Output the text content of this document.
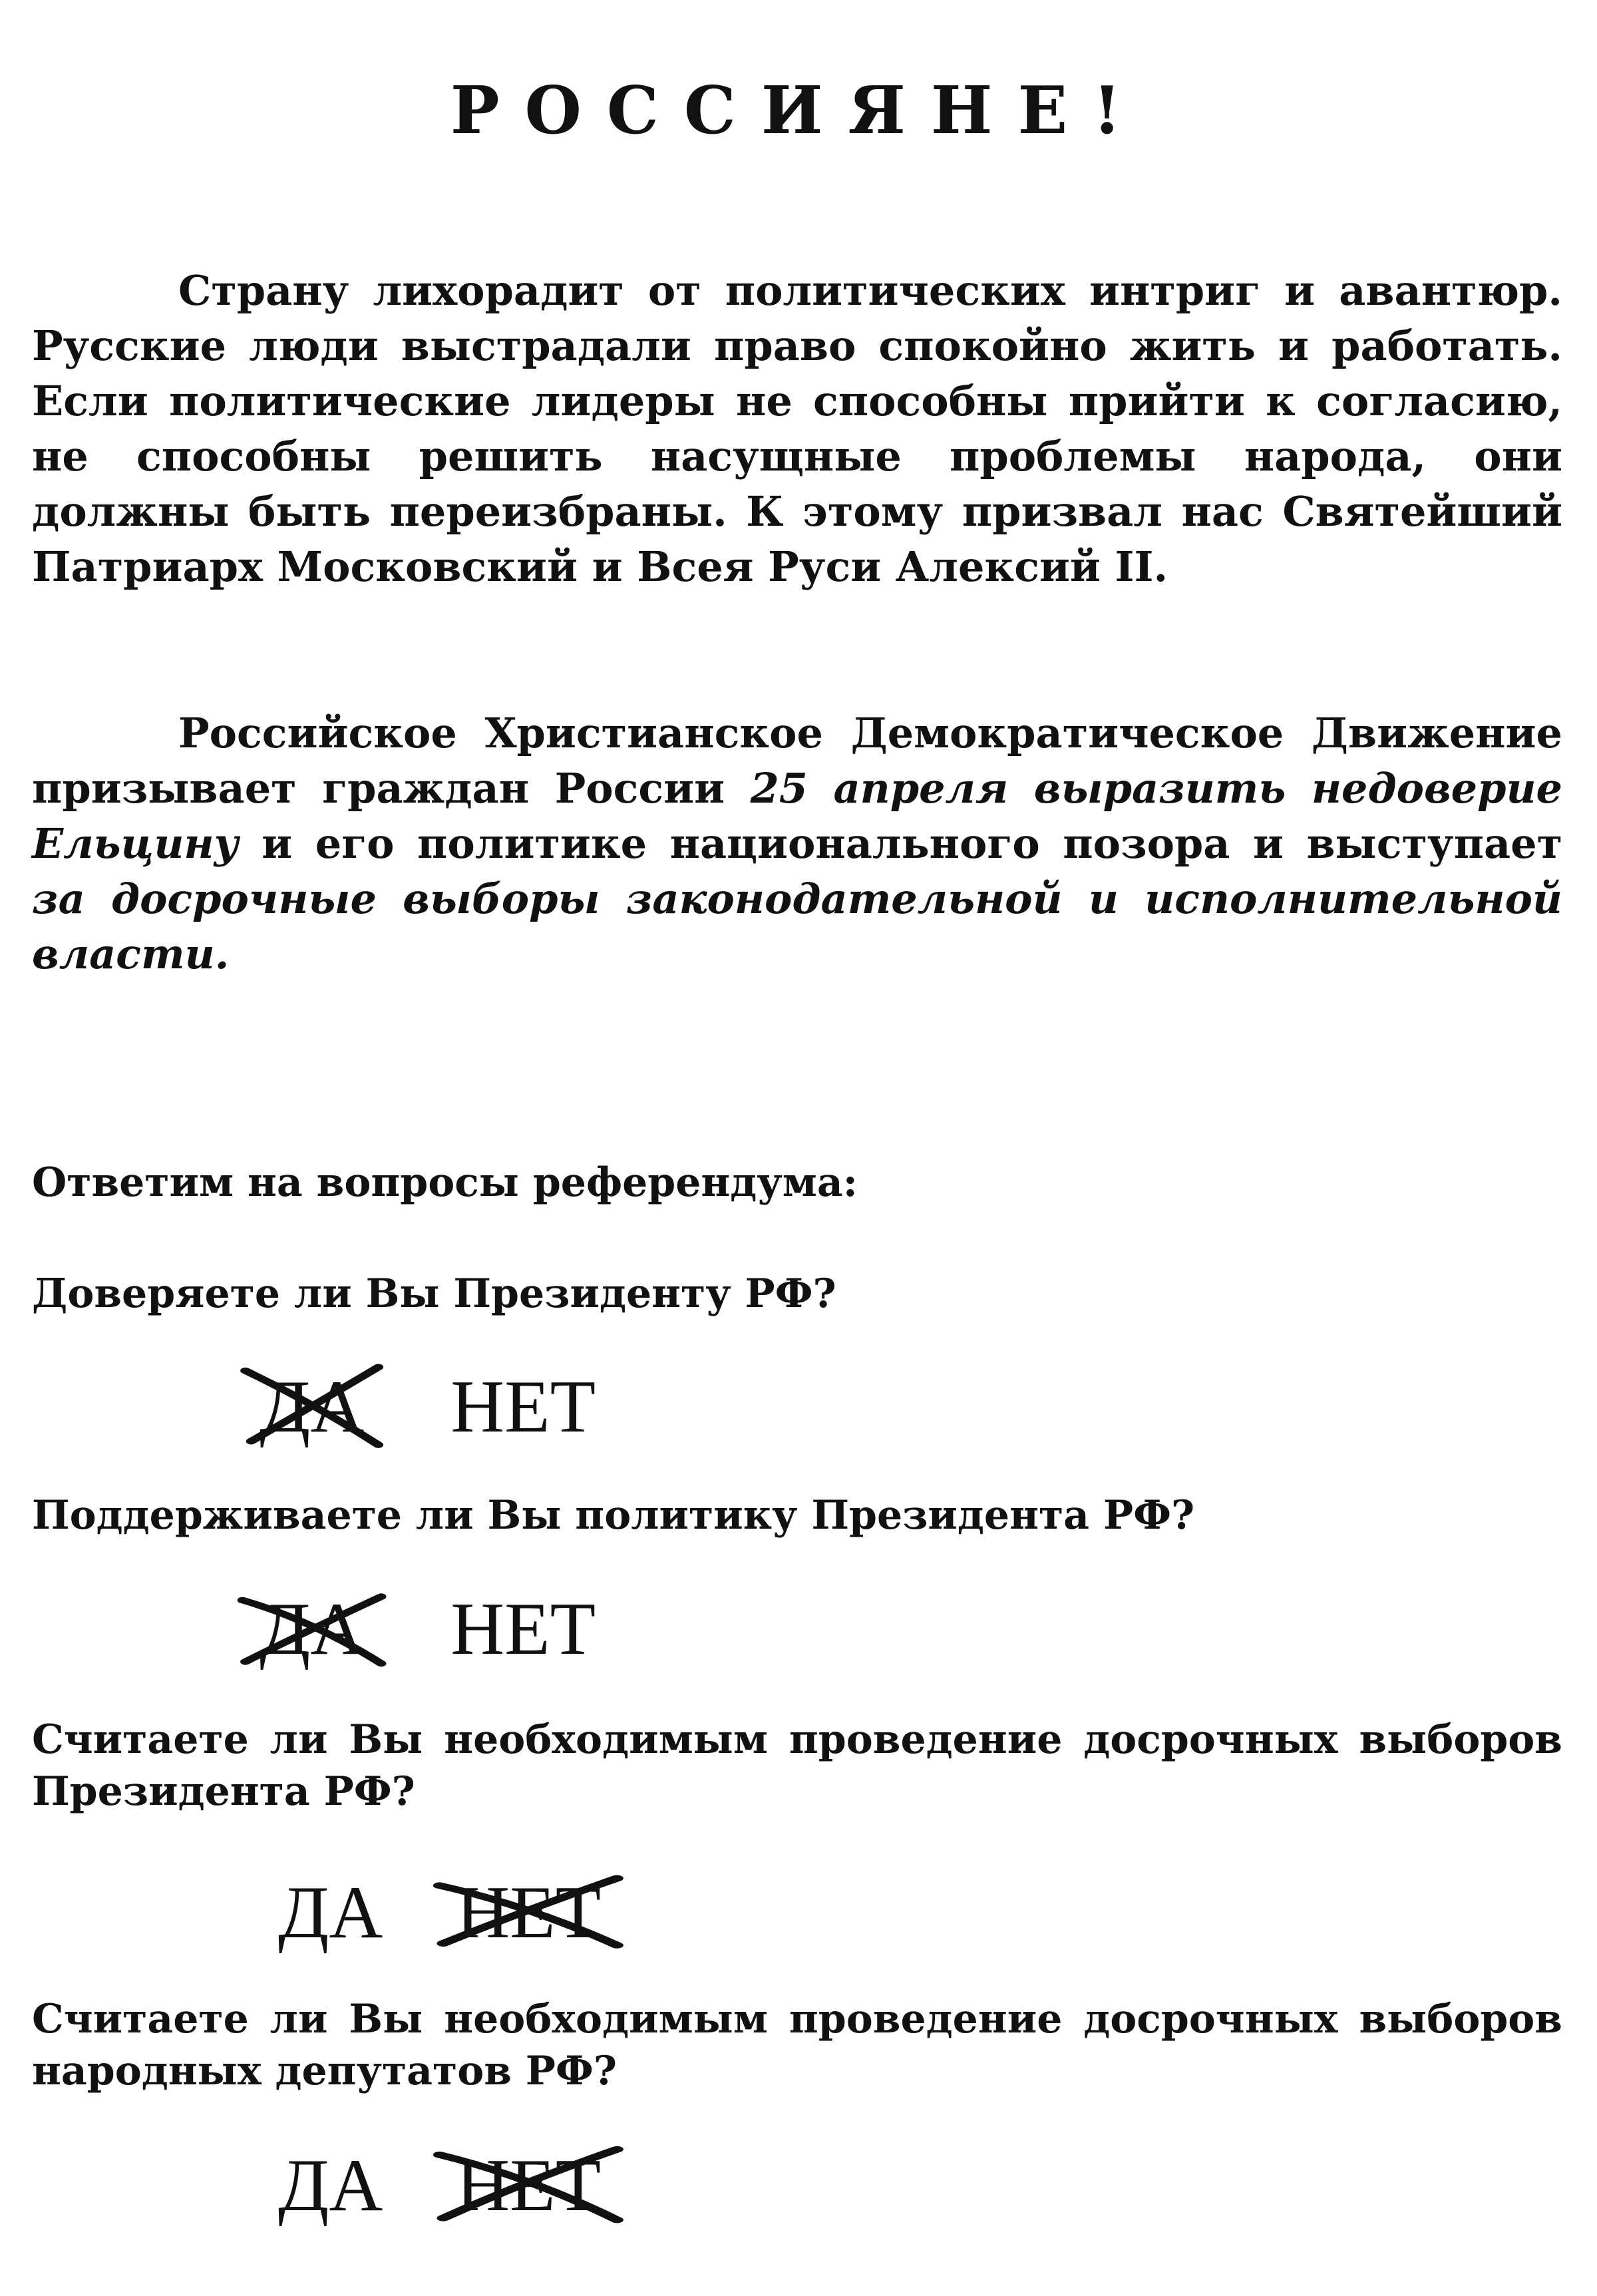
РОССИЯНЕ!

Страну лихорадит от политических интриг и авантюр. Русские люди выстрадали право спокойно жить и работать. Если политические лидеры не способны прийти к согласию, не способны решить насущные проблемы народа, они должны быть переизбраны. К этому призвал нас Святейший Патриарх Московский и Всея Руси Алексий II.

Российское Христианское Демократическое Движение призывает граждан России 25 апреля выразить недоверие Ельцину и его политике национального позора и выступает за досрочные выборы законодательной и исполнительной власти.

Ответим на вопросы референдума:

Доверяете ли Вы Президенту РФ?

ДА НЕТ

Поддерживаете ли Вы политику Президента РФ?

ДА НЕТ

Считаете ли Вы необходимым проведение досрочных выборов Президента РФ?

ДА НЕТ

Считаете ли Вы необходимым проведение досрочных выборов народных депутатов РФ?

ДА НЕТ
